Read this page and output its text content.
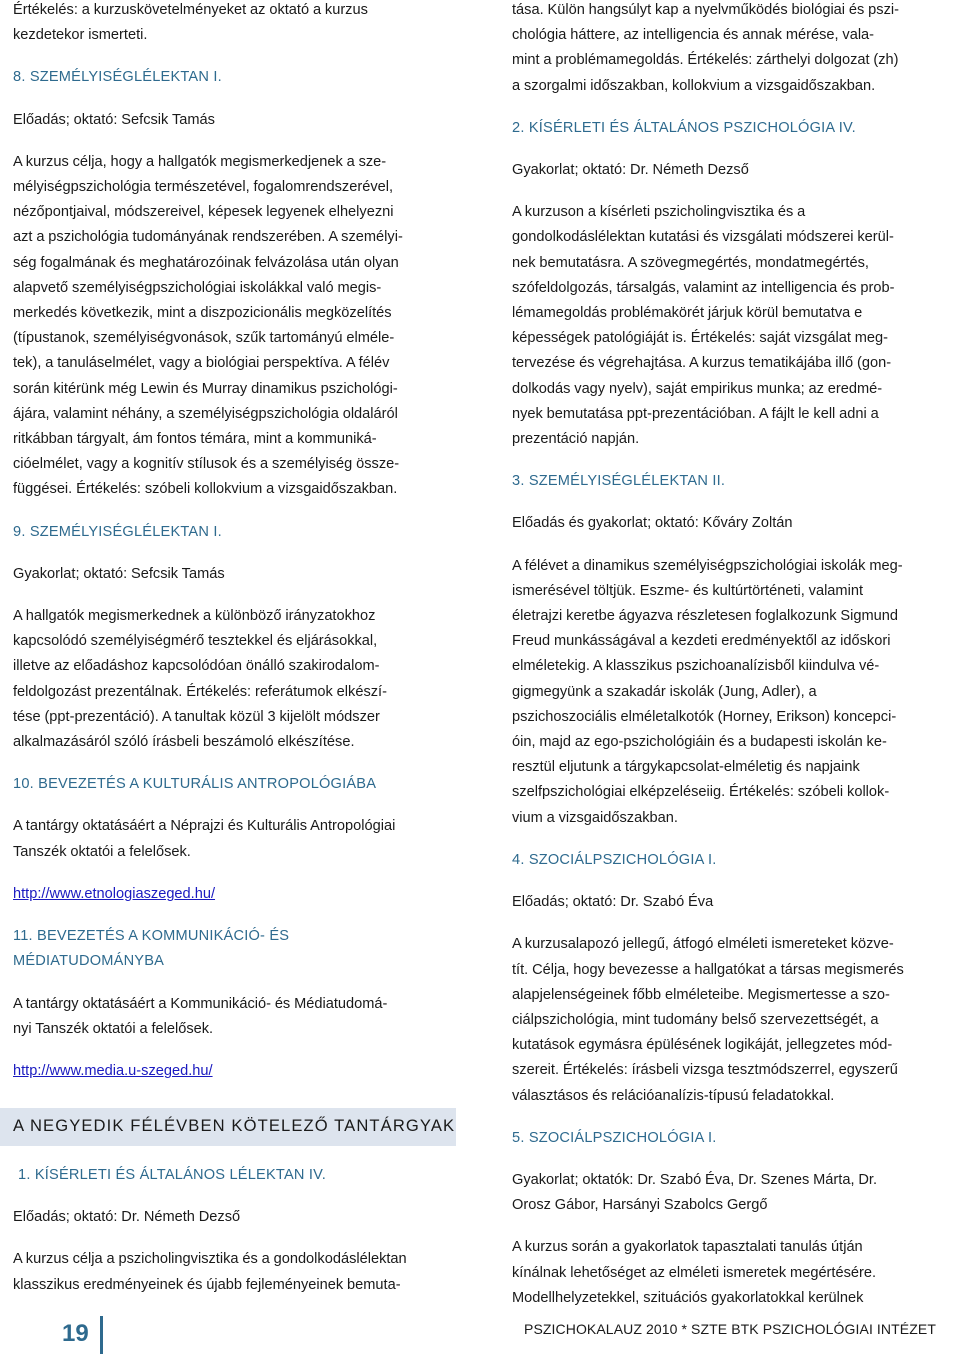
Értékelés: a kurzuskövetelményeket az oktató a kurzus
kezdetekor ismerteti.

8. SZEMÉLYISÉGLÉLEKTAN I.

Előadás; oktató: Sefcsik Tamás

A kurzus célja, hogy a hallgatók megismerkedjenek a sze-
mélyiségpszichológia természetével, fogalomrendszerével,
nézőpontjaival, módszereivel, képesek legyenek elhelyezni
azt a pszichológia tudományának rendszerében. A személyi-
ség fogalmának és meghatározóinak felvázolása után olyan
alapvető személyiségpszichológiai iskolákkal való megis-
merkedés következik, mint a diszpozicionális megközelítés
(típustanok, személyiségvonások, szűk tartományú elméle-
tek), a tanuláselmélet, vagy a biológiai perspektíva. A félév
során kitérünk még Lewin és Murray dinamikus pszichológi-
ájára, valamint néhány, a személyiségpszichológia oldaláról
ritkábban tárgyalt, ám fontos témára, mint a kommuniká-
cióelmélet, vagy a kognitív stílusok és a személyiség össze-
függései. Értékelés: szóbeli kollokvium a vizsgaidőszakban.

9. SZEMÉLYISÉGLÉLEKTAN I.

Gyakorlat; oktató: Sefcsik Tamás

A hallgatók megismerkednek a különböző irányzatokhoz
kapcsolódó személyiségmérő tesztekkel és eljárásokkal,
illetve az előadáshoz kapcsolódóan önálló szakirodalom-
feldolgozást prezentálnak. Értékelés: referátumok elkészí-
tése (ppt-prezentáció). A tanultak közül 3 kijelölt módszer
alkalmazásáról szóló írásbeli beszámoló elkészítése.

10. BEVEZETÉS A KULTURÁLIS ANTROPOLÓGIÁBA

A tantárgy oktatásáért a Néprajzi és Kulturális Antropológiai
Tanszék oktatói a felelősek.

http://www.etnologiaszeged.hu/

11. BEVEZETÉS A KOMMUNIKÁCIÓ- ÉS
MÉDIATUDOMÁNYBA

A tantárgy oktatásáért a Kommunikáció- és Médiatudomá-
nyi Tanszék oktatói a felelősek.

http://www.media.u-szeged.hu/

A NEGYEDIK FÉLÉVBEN KÖTELEZŐ TANTÁRGYAK

1. KÍSÉRLETI ÉS ÁLTALÁNOS LÉLEKTAN IV.

Előadás; oktató: Dr. Németh Dezső

A kurzus célja a pszicholingvisztika és a gondolkodáslélektan
klasszikus eredményeinek és újabb fejleményeinek bemuta-

tása. Külön hangsúlyt kap a nyelvműködés biológiai és pszi-
chológia háttere, az intelligencia és annak mérése, vala-
mint a problémamegoldás. Értékelés: zárthelyi dolgozat (zh)
a szorgalmi időszakban, kollokvium a vizsgaidőszakban.

2. KÍSÉRLETI ÉS ÁLTALÁNOS PSZICHOLÓGIA IV.

Gyakorlat; oktató: Dr. Németh Dezső

A kurzuson a kísérleti pszicholingvisztika és a
gondolkodáslélektan kutatási és vizsgálati módszerei kerül-
nek bemutatásra. A szövegmegértés, mondatmegértés,
szófeldolgozás, társalgás, valamint az intelligencia és prob-
lémamegoldás problémakörét járjuk körül bemutatva e
képességek patológiáját is. Értékelés: saját vizsgálat meg-
tervezése és végrehajtása. A kurzus tematikájába illő (gon-
dolkodás vagy nyelv), saját empirikus munka; az eredmé-
nyek bemutatása ppt-prezentációban. A fájlt le kell adni a
prezentáció napján.

3. SZEMÉLYISÉGLÉLEKTAN II.

Előadás és gyakorlat; oktató: Kőváry Zoltán

A félévet a dinamikus személyiségpszichológiai iskolák meg-
ismerésével töltjük. Eszme- és kultúrtörténeti, valamint
életrajzi keretbe ágyazva részletesen foglalkozunk Sigmund
Freud munkásságával a kezdeti eredményektől az időskori
elméletekig. A klasszikus pszichoanalízisből kiindulva vé-
gigmegyünk a szakadár iskolák (Jung, Adler), a
pszichoszociális elméletalkotók (Horney, Erikson) koncepci-
óin, majd az ego-pszichológiáin és a budapesti iskolán ke-
resztül eljutunk a tárgykapcsolat-elméletig és napjaink
szelfpszichológiai elképzeléseiig. Értékelés: szóbeli kollok-
vium a vizsgaidőszakban.

4. SZOCIÁLPSZICHOLÓGIA I.

Előadás; oktató: Dr. Szabó Éva

A kurzusalapozó jellegű, átfogó elméleti ismereteket közve-
tít. Célja, hogy bevezesse a hallgatókat a társas megismerés
alapjelenségeinek főbb elméleteibe. Megismertesse a szo-
ciálpszichológia, mint tudomány belső szervezettségét, a
kutatások egymásra épülésének logikáját, jellegzetes mód-
szereit. Értékelés: írásbeli vizsga tesztmódszerrel, egyszerű
választásos és relációanalízis-típusú feladatokkal.

5. SZOCIÁLPSZICHOLÓGIA I.

Gyakorlat; oktatók: Dr. Szabó Éva, Dr. Szenes Márta, Dr.
Orosz Gábor, Harsányi Szabolcs Gergő

A kurzus során a gyakorlatok tapasztalati tanulás útján
kínálnak lehetőséget az elméleti ismeretek megértésére.
Modellhelyzetekkel, szituációs gyakorlatokkal kerülnek

19	PSZICHOKALAUZ 2010 * SZTE BTK PSZICHOLÓGIAI INTÉZET
